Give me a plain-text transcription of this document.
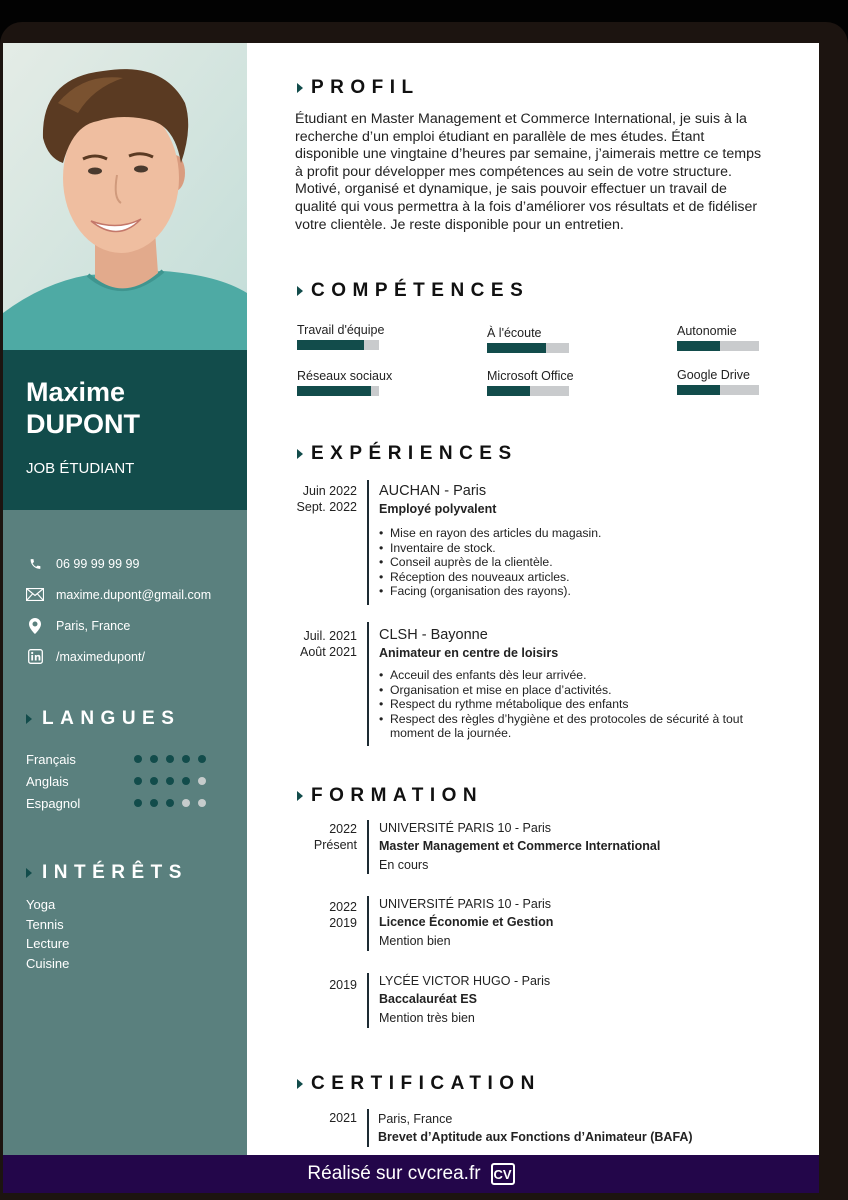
Maxime
DUPONT
JOB ÉTUDIANT
06 99 99 99 99
maxime.dupont@gmail.com
Paris, France
/maximedupont/
LANGUES
Français
Anglais
Espagnol
INTÉRÊTS
Yoga
Tennis
Lecture
Cuisine
PROFIL

Étudiant en Master Management et Commerce International, je suis à la recherche d’un emploi étudiant en parallèle de mes études. Étant disponible une vingtaine d’heures par semaine, j’aimerais mettre ce temps à profit pour développer mes compétences au sein de votre structure. Motivé, organisé et dynamique, je sais pouvoir effectuer un travail de qualité qui vous permettra à la fois d’améliorer vos résultats et de fidéliser votre clientèle. Je reste disponible pour un entretien.

COMPÉTENCES
Travail d'équipe	À l'écoute	Autonomie
Réseaux sociaux	Microsoft Office	Google Drive
EXPÉRIENCES
Juin 2022
Sept. 2022
AUCHAN - Paris
Employé polyvalent
• Mise en rayon des articles du magasin.
• Inventaire de stock.
• Conseil auprès de la clientèle.
• Réception des nouveaux articles.
• Facing (organisation des rayons).
Juil. 2021
Août 2021
CLSH - Bayonne
Animateur en centre de loisirs
• Acceuil des enfants dès leur arrivée.
• Organisation et mise en place d’activités.
• Respect du rythme métabolique des enfants
• Respect des règles d’hygiène et des protocoles de sécurité à tout moment de la journée.
FORMATION
2022
Présent
UNIVERSITÉ PARIS 10 - Paris
Master Management et Commerce International
En cours
2022
2019
UNIVERSITÉ PARIS 10 - Paris
Licence Économie et Gestion
Mention bien
2019 LYCÉE VICTOR HUGO - Paris
Baccalauréat ES
Mention très bien
CERTIFICATION
2021 Paris, France
Brevet d’Aptitude aux Fonctions d’Animateur (BAFA)
Réalisé sur cvcrea.fr CV
